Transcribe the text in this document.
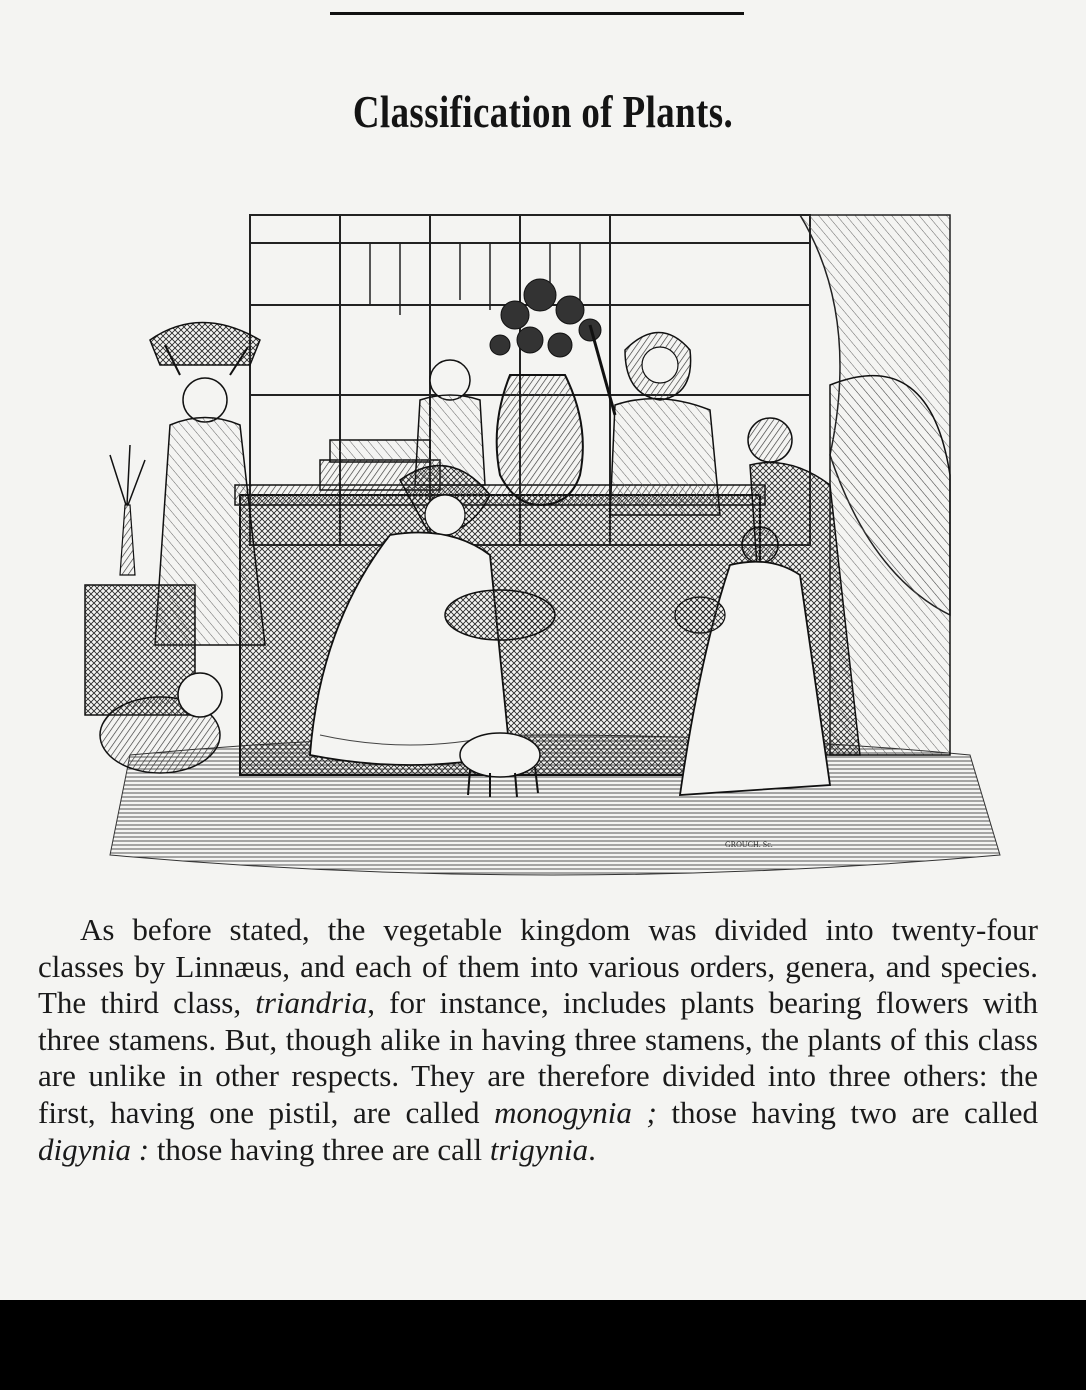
Classification of Plants.
GROUCH. Sc.

As before stated, the vegetable kingdom was divided into twenty-four classes by Linnæus, and each of them into various orders, genera, and species. The third class, triandria, for instance, includes plants bearing flowers with three stamens. But, though alike in having three stamens, the plants of this class are unlike in other respects. They are therefore divided into three others: the first, having one pistil, are called monogynia ; those having two are called digynia : those having three are call trigynia.
